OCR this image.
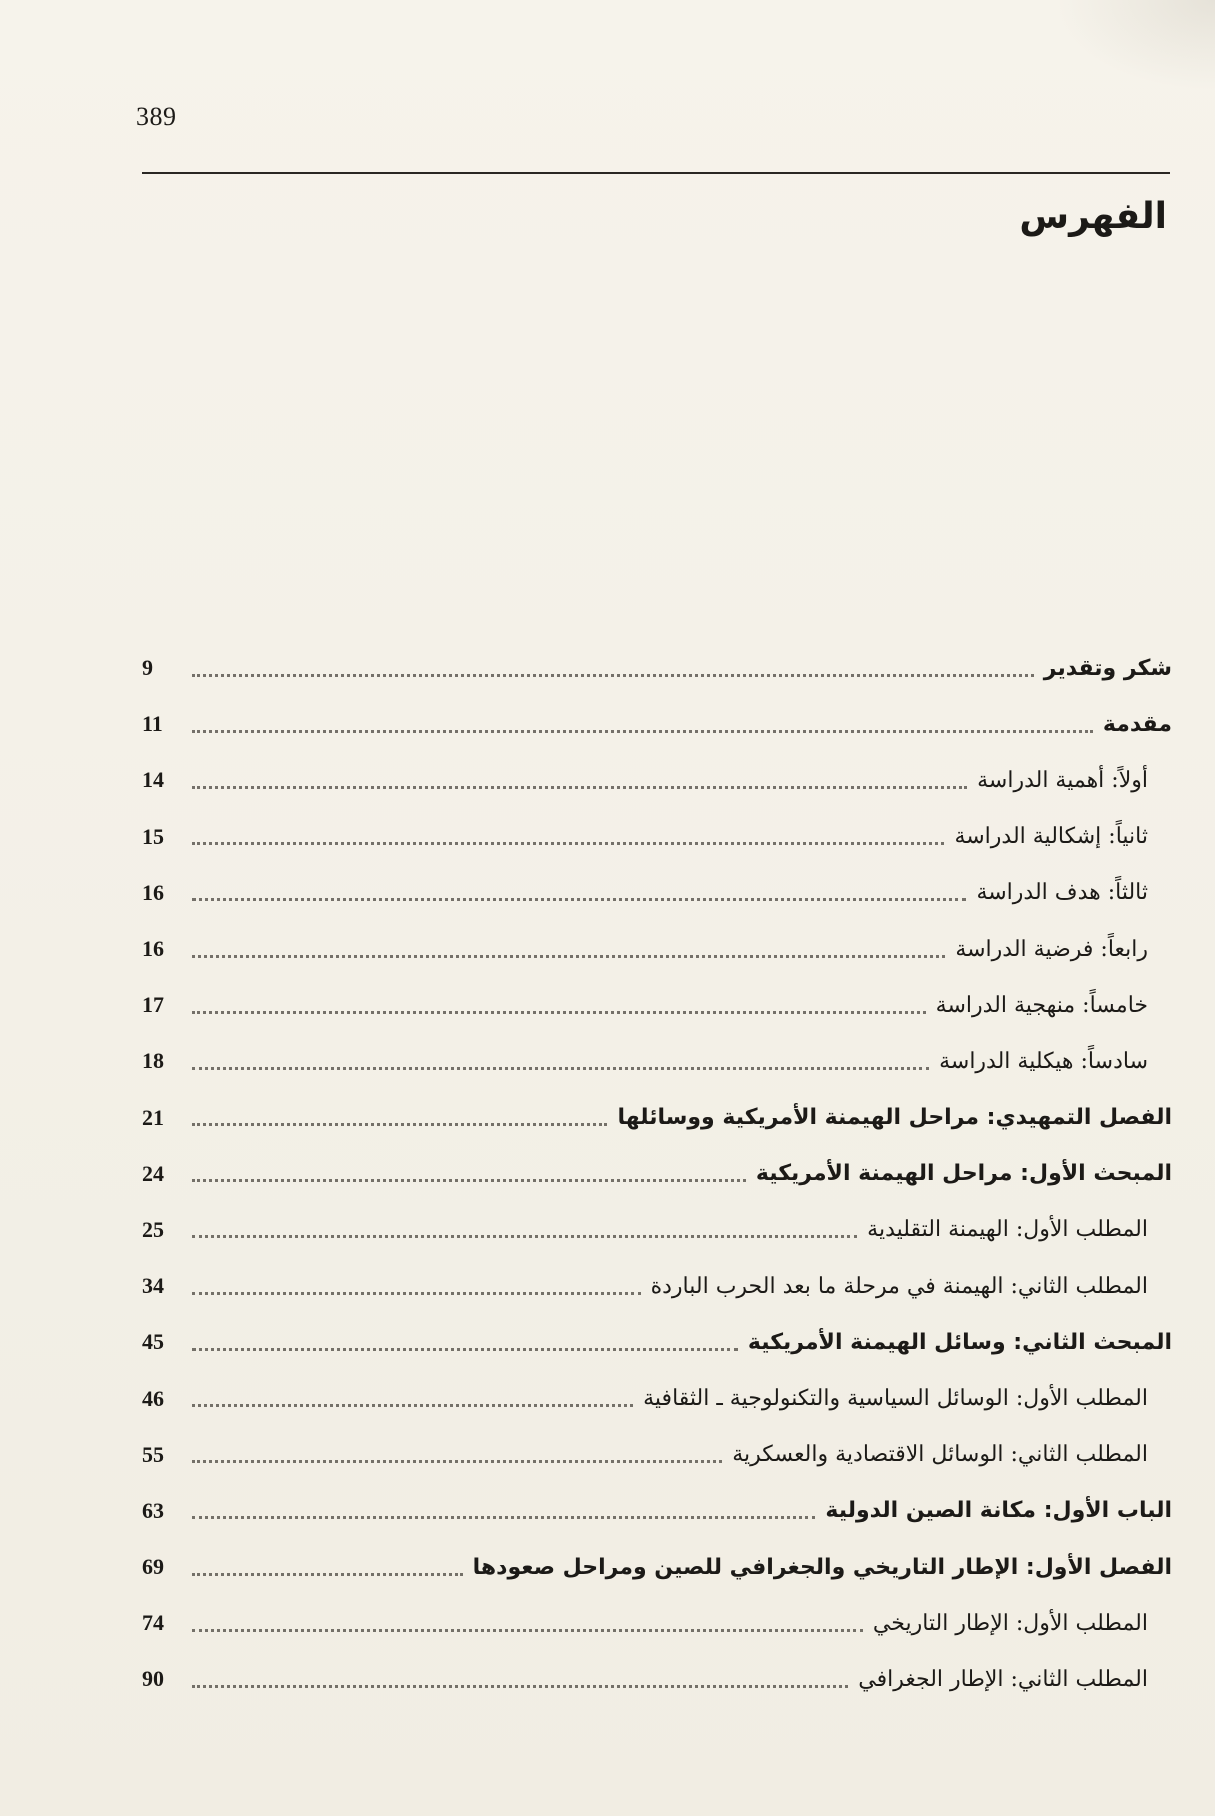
389
الفهرس
شكر وتقدير
9
مقدمة
11
أولاً: أهمية الدراسة
14
ثانياً: إشكالية الدراسة
15
ثالثاً: هدف الدراسة
16
رابعاً: فرضية الدراسة
16
خامساً: منهجية الدراسة
17
سادساً: هيكلية الدراسة
18
الفصل التمهيدي: مراحل الهيمنة الأمريكية ووسائلها
21
المبحث الأول: مراحل الهيمنة الأمريكية
24
المطلب الأول: الهيمنة التقليدية
25
المطلب الثاني: الهيمنة في مرحلة ما بعد الحرب الباردة
34
المبحث الثاني: وسائل الهيمنة الأمريكية
45
المطلب الأول: الوسائل السياسية والتكنولوجية ـ الثقافية
46
المطلب الثاني: الوسائل الاقتصادية والعسكرية
55
الباب الأول: مكانة الصين الدولية
63
الفصل الأول: الإطار التاريخي والجغرافي للصين ومراحل صعودها
69
المطلب الأول: الإطار التاريخي
74
المطلب الثاني: الإطار الجغرافي
90
